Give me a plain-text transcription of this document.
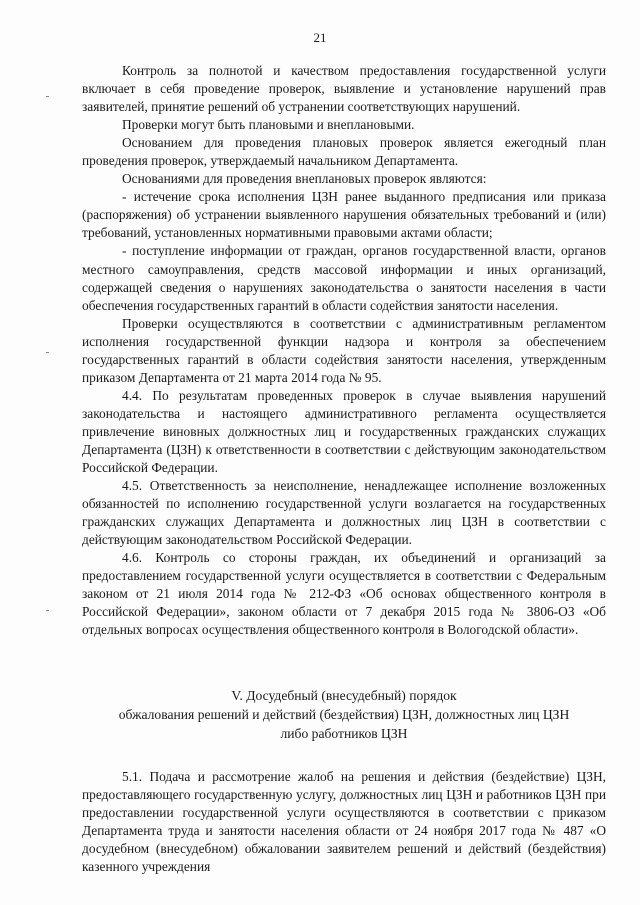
21

Контроль за полнотой и качеством предоставления государственной услуги включает в себя проведение проверок, выявление и установление нарушений прав заявителей, принятие решений об устранении соответствующих нарушений.

Проверки могут быть плановыми и внеплановыми.

Основанием для проведения плановых проверок является ежегодный план проведения проверок, утверждаемый начальником Департамента.

Основаниями для проведения внеплановых проверок являются:

- истечение срока исполнения ЦЗН ранее выданного предписания или приказа (распоряжения) об устранении выявленного нарушения обязательных требований и (или) требований, установленных нормативными правовыми актами области;

- поступление информации от граждан, органов государственной власти, органов местного самоуправления, средств массовой информации и иных организаций, содержащей сведения о нарушениях законодательства о занятости населения в части обеспечения государственных гарантий в области содействия занятости населения.

Проверки осуществляются в соответствии с административным регламентом исполнения государственной функции надзора и контроля за обеспечением государственных гарантий в области содействия занятости населения, утвержденным приказом Департамента от 21 марта 2014 года № 95.

4.4. По результатам проведенных проверок в случае выявления нарушений законодательства и настоящего административного регламента осуществляется привлечение виновных должностных лиц и государственных гражданских служащих Департамента (ЦЗН) к ответственности в соответствии с действующим законодательством Российской Федерации.

4.5. Ответственность за неисполнение, ненадлежащее исполнение возложенных обязанностей по исполнению государственной услуги возлагается на государственных гражданских служащих Департамента и должностных лиц ЦЗН в соответствии с действующим законодательством Российской Федерации.

4.6. Контроль со стороны граждан, их объединений и организаций за предоставлением государственной услуги осуществляется в соответствии с Федеральным законом от 21 июля 2014 года № 212-ФЗ «Об основах общественного контроля в Российской Федерации», законом области от 7 декабря 2015 года № 3806-ОЗ «Об отдельных вопросах осуществления общественного контроля в Вологодской области».

V. Досудебный (внесудебный) порядок
обжалования решений и действий (бездействия) ЦЗН, должностных лиц ЦЗН
либо работников ЦЗН

5.1. Подача и рассмотрение жалоб на решения и действия (бездействие) ЦЗН, предоставляющего государственную услугу, должностных лиц ЦЗН и работников ЦЗН при предоставлении государственной услуги осуществляются в соответствии с приказом Департамента труда и занятости населения области от 24 ноября 2017 года № 487 «О досудебном (внесудебном) обжаловании заявителем решений и действий (бездействия) казенного учреждения
